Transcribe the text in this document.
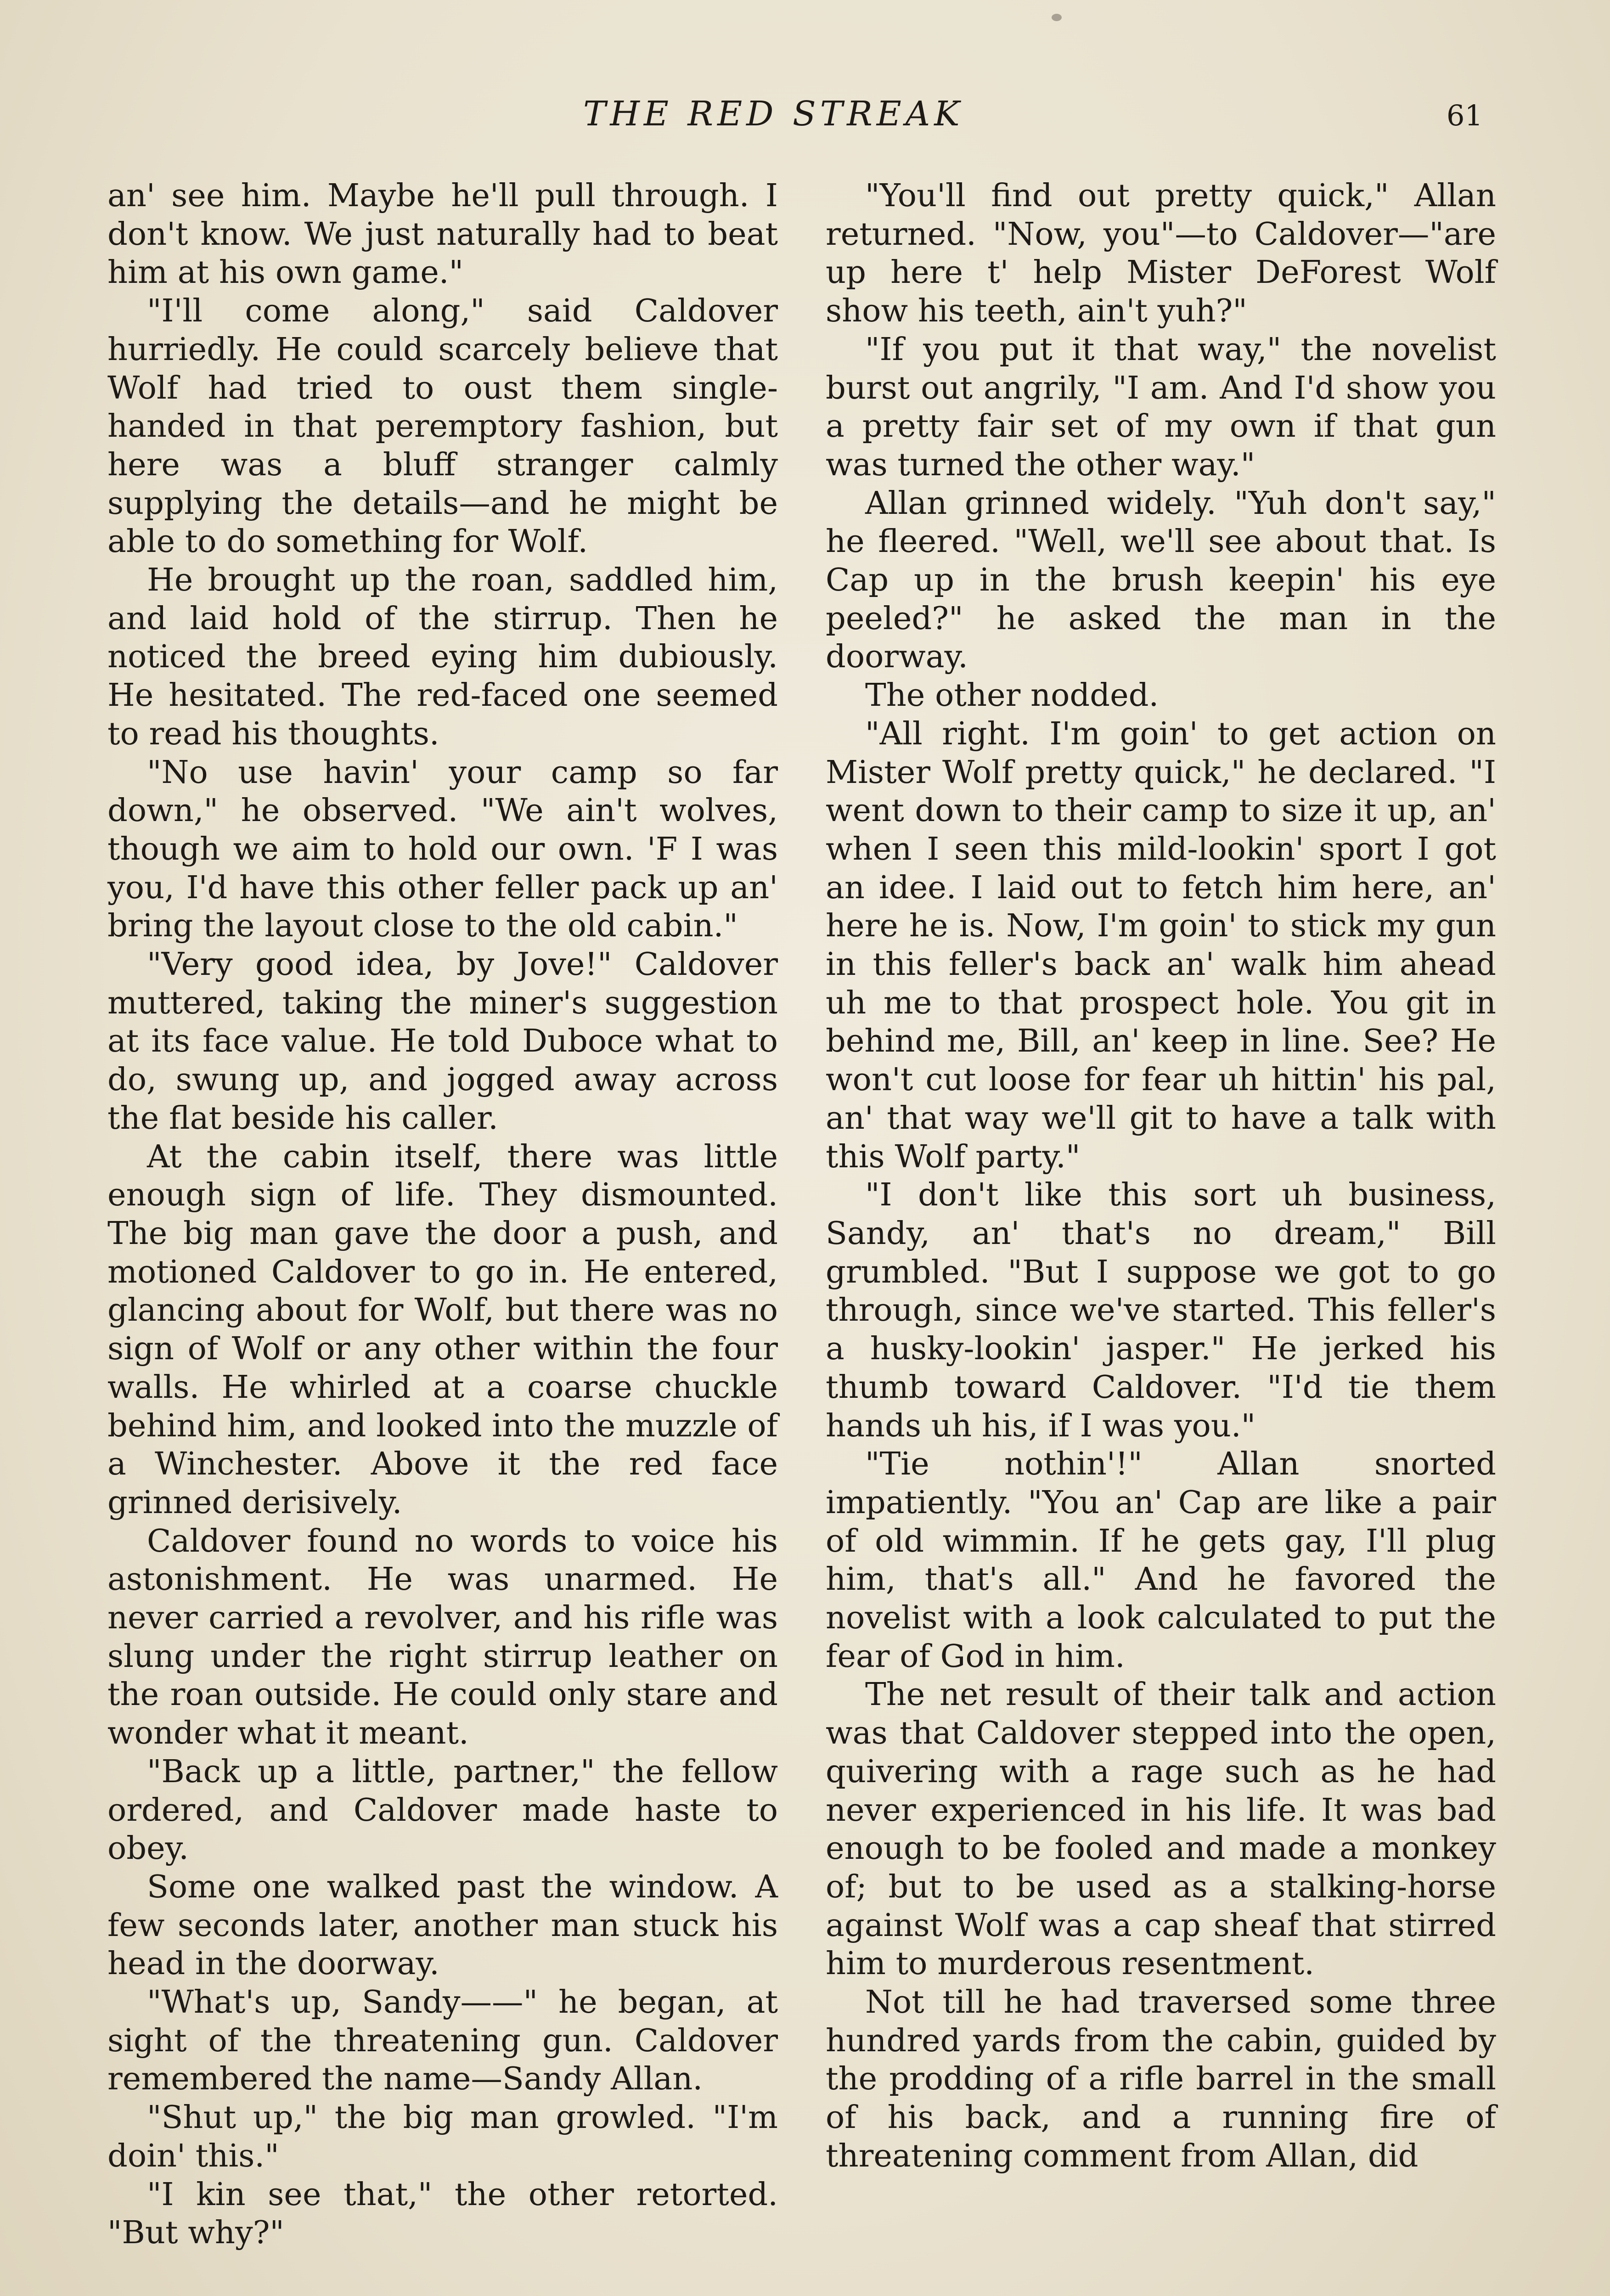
THE RED STREAK	61

an' see him. Maybe he'll pull through. I don't know. We just naturally had to beat him at his own game."

"I'll come along," said Caldover hurriedly. He could scarcely believe that Wolf had tried to oust them single-handed in that peremptory fashion, but here was a bluff stranger calmly supplying the details—and he might be able to do something for Wolf.

He brought up the roan, saddled him, and laid hold of the stirrup. Then he noticed the breed eying him dubiously. He hesitated. The red-faced one seemed to read his thoughts.

"No use havin' your camp so far down," he observed. "We ain't wolves, though we aim to hold our own. 'F I was you, I'd have this other feller pack up an' bring the layout close to the old cabin."

"Very good idea, by Jove!" Caldover muttered, taking the miner's suggestion at its face value. He told Duboce what to do, swung up, and jogged away across the flat beside his caller.

At the cabin itself, there was little enough sign of life. They dismounted. The big man gave the door a push, and motioned Caldover to go in. He entered, glancing about for Wolf, but there was no sign of Wolf or any other within the four walls. He whirled at a coarse chuckle behind him, and looked into the muzzle of a Winchester. Above it the red face grinned derisively.

Caldover found no words to voice his astonishment. He was unarmed. He never carried a revolver, and his rifle was slung under the right stirrup leather on the roan outside. He could only stare and wonder what it meant.

"Back up a little, partner," the fellow ordered, and Caldover made haste to obey.

Some one walked past the window. A few seconds later, another man stuck his head in the doorway.

"What's up, Sandy——" he began, at sight of the threatening gun. Caldover remembered the name—Sandy Allan.

"Shut up," the big man growled. "I'm doin' this."

"I kin see that," the other retorted. "But why?"

"You'll find out pretty quick," Allan returned. "Now, you"—to Caldover—"are up here t' help Mister DeForest Wolf show his teeth, ain't yuh?"

"If you put it that way," the novelist burst out angrily, "I am. And I'd show you a pretty fair set of my own if that gun was turned the other way."

Allan grinned widely. "Yuh don't say," he fleered. "Well, we'll see about that. Is Cap up in the brush keepin' his eye peeled?" he asked the man in the doorway.

The other nodded.

"All right. I'm goin' to get action on Mister Wolf pretty quick," he declared. "I went down to their camp to size it up, an' when I seen this mild-lookin' sport I got an idee. I laid out to fetch him here, an' here he is. Now, I'm goin' to stick my gun in this feller's back an' walk him ahead uh me to that prospect hole. You git in behind me, Bill, an' keep in line. See? He won't cut loose for fear uh hittin' his pal, an' that way we'll git to have a talk with this Wolf party."

"I don't like this sort uh business, Sandy, an' that's no dream," Bill grumbled. "But I suppose we got to go through, since we've started. This feller's a husky-lookin' jasper." He jerked his thumb toward Caldover. "I'd tie them hands uh his, if I was you."

"Tie nothin'!" Allan snorted impatiently. "You an' Cap are like a pair of old wimmin. If he gets gay, I'll plug him, that's all." And he favored the novelist with a look calculated to put the fear of God in him.

The net result of their talk and action was that Caldover stepped into the open, quivering with a rage such as he had never experienced in his life. It was bad enough to be fooled and made a monkey of; but to be used as a stalking-horse against Wolf was a cap sheaf that stirred him to murderous resentment.

Not till he had traversed some three hundred yards from the cabin, guided by the prodding of a rifle barrel in the small of his back, and a running fire of threatening comment from Allan, did
